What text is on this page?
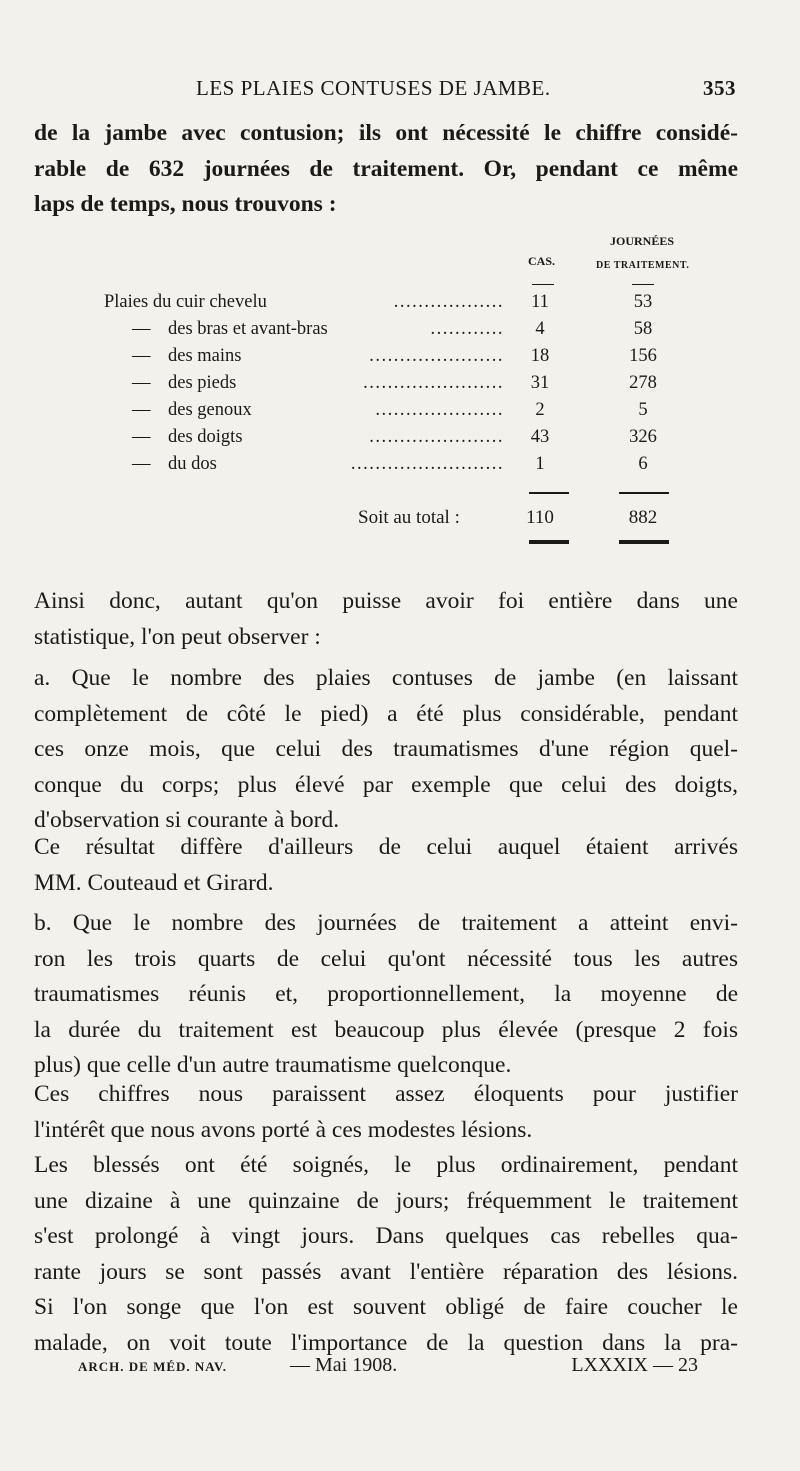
LES PLAIES CONTUSES DE JAMBE.	353
de la jambe avec contusion; ils ont nécessité le chiffre considé-
rable de 632 journées de traitement. Or, pendant ce même
laps de temps, nous trouvons :
JOURNÉES
CAS.	DE TRAITEMENT.
Plaies du cuir chevelu	..................	11	53
— des bras et avant-bras	............	4	58
— des mains	......................	18	156
— des pieds	.......................	31	278
— des genoux	.....................	2	5
— des doigts	......................	43	326
— du dos	.........................	1	6
Soit au total :	110	882
Ainsi donc, autant qu'on puisse avoir foi entière dans une
statistique, l'on peut observer :
a. Que le nombre des plaies contuses de jambe (en laissant
complètement de côté le pied) a été plus considérable, pendant
ces onze mois, que celui des traumatismes d'une région quel-
conque du corps; plus élevé par exemple que celui des doigts,
d'observation si courante à bord.
Ce résultat diffère d'ailleurs de celui auquel étaient arrivés
MM. Couteaud et Girard.
b. Que le nombre des journées de traitement a atteint envi-
ron les trois quarts de celui qu'ont nécessité tous les autres
traumatismes réunis et, proportionnellement, la moyenne de
la durée du traitement est beaucoup plus élevée (presque 2 fois
plus) que celle d'un autre traumatisme quelconque.
Ces chiffres nous paraissent assez éloquents pour justifier
l'intérêt que nous avons porté à ces modestes lésions.
Les blessés ont été soignés, le plus ordinairement, pendant
une dizaine à une quinzaine de jours; fréquemment le traitement
s'est prolongé à vingt jours. Dans quelques cas rebelles qua-
rante jours se sont passés avant l'entière réparation des lésions.
Si l'on songe que l'on est souvent obligé de faire coucher le
malade, on voit toute l'importance de la question dans la pra-
ARCH. DE MÉD. NAV.	— Mai 1908.	LXXXIX — 23
